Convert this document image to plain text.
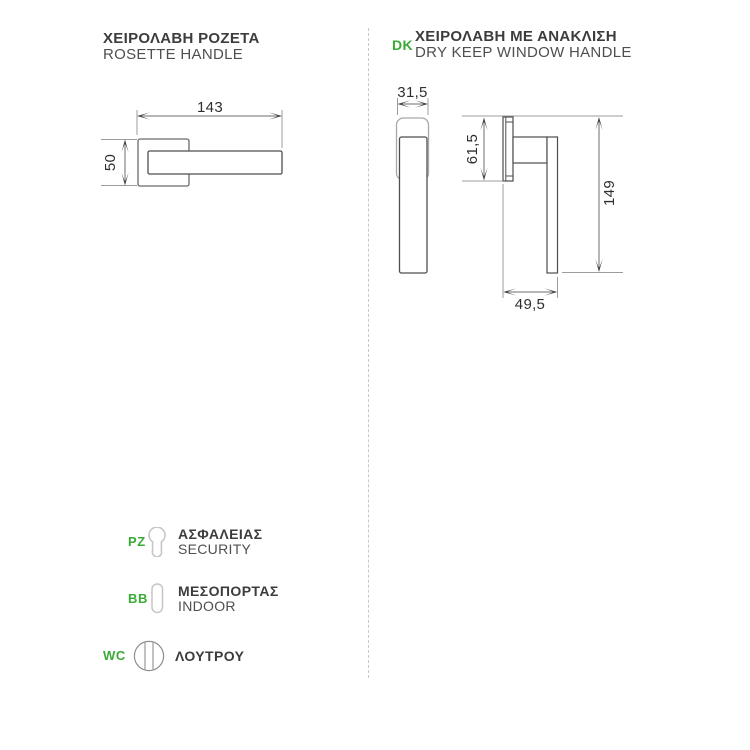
ΧΕΙΡΟΛΑΒΗ ΡΟΖΕΤΑ
ROSETTE HANDLE
DK ΧΕΙΡΟΛΑΒΗ ΜΕ ΑΝΑΚΛΙΣΗ
DRY KEEP WINDOW HANDLE
143
50
31,5
61,5
149
49,5
PZ ΑΣΦΑΛΕΙΑΣ
SECURITY
BB ΜΕΣΟΠΟΡΤΑΣ
INDOOR
WC	ΛΟΥΤΡΟΥ
